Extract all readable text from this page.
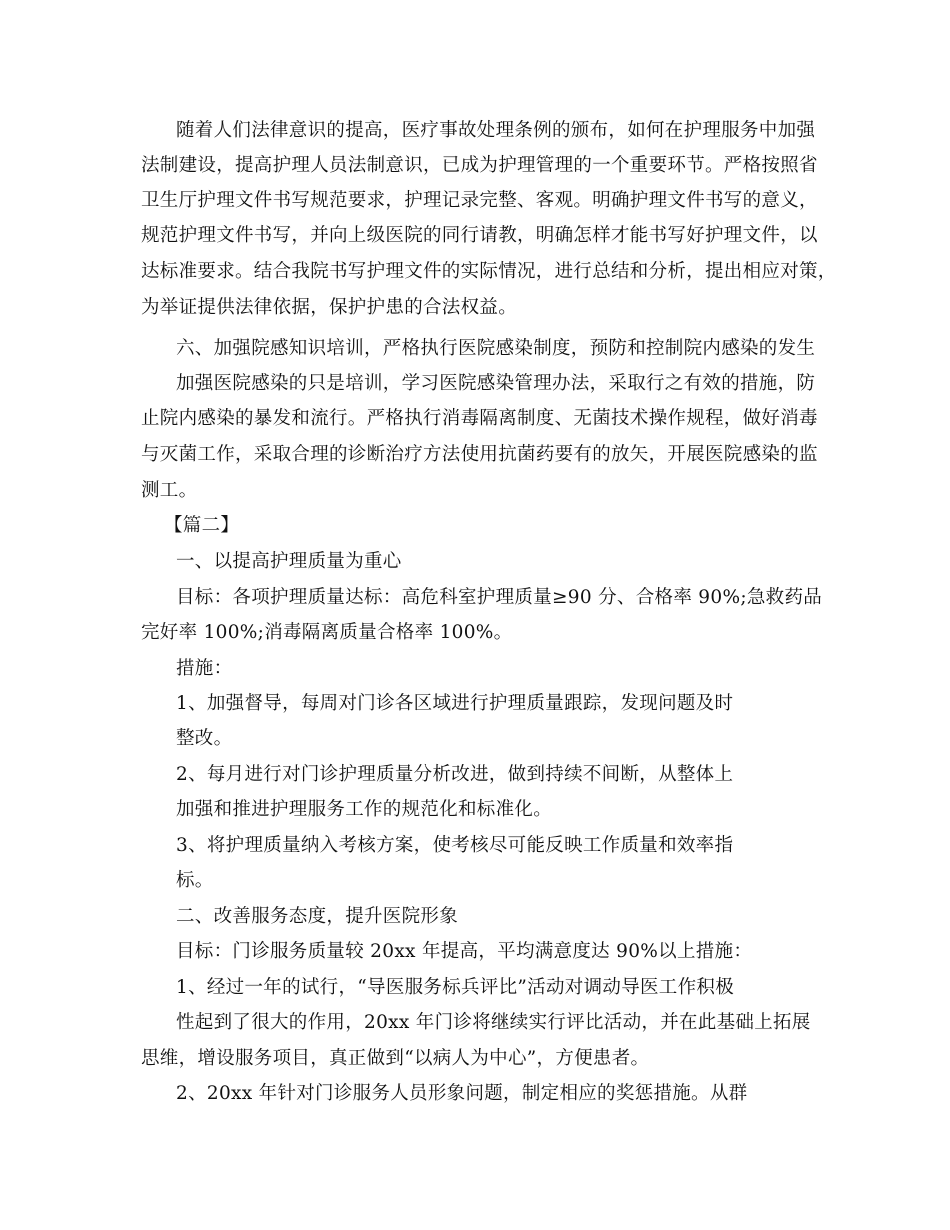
随着人们法律意识的提高，医疗事故处理条例的颁布，如何在护理服务中加强
法制建设，提高护理人员法制意识，已成为护理管理的一个重要环节。严格按照省
卫生厅护理文件书写规范要求，护理记录完整、客观。明确护理文件书写的意义，
规范护理文件书写，并向上级医院的同行请教，明确怎样才能书写好护理文件，以
达标准要求。结合我院书写护理文件的实际情况，进行总结和分析，提出相应对策，
为举证提供法律依据，保护护患的合法权益。
六、加强院感知识培训，严格执行医院感染制度，预防和控制院内感染的发生
加强医院感染的只是培训，学习医院感染管理办法，采取行之有效的措施，防
止院内感染的暴发和流行。严格执行消毒隔离制度、无菌技术操作规程，做好消毒
与灭菌工作，采取合理的诊断治疗方法使用抗菌药要有的放矢，开展医院感染的监
测工。
【篇二】
一、以提高护理质量为重心
目标：各项护理质量达标：高危科室护理质量≥90 分、合格率 90%;急救药品
完好率 100%;消毒隔离质量合格率 100%。
措施：
1、加强督导，每周对门诊各区域进行护理质量跟踪，发现问题及时
整改。
2、每月进行对门诊护理质量分析改进，做到持续不间断，从整体上
加强和推进护理服务工作的规范化和标准化。
3、将护理质量纳入考核方案，使考核尽可能反映工作质量和效率指
标。
二、改善服务态度，提升医院形象
目标：门诊服务质量较 20xx 年提高，平均满意度达 90%以上措施：
1、经过一年的试行，“导医服务标兵评比”活动对调动导医工作积极
性起到了很大的作用，20xx 年门诊将继续实行评比活动，并在此基础上拓展
思维，增设服务项目，真正做到“以病人为中心”，方便患者。
2、20xx 年针对门诊服务人员形象问题，制定相应的奖惩措施。从群
